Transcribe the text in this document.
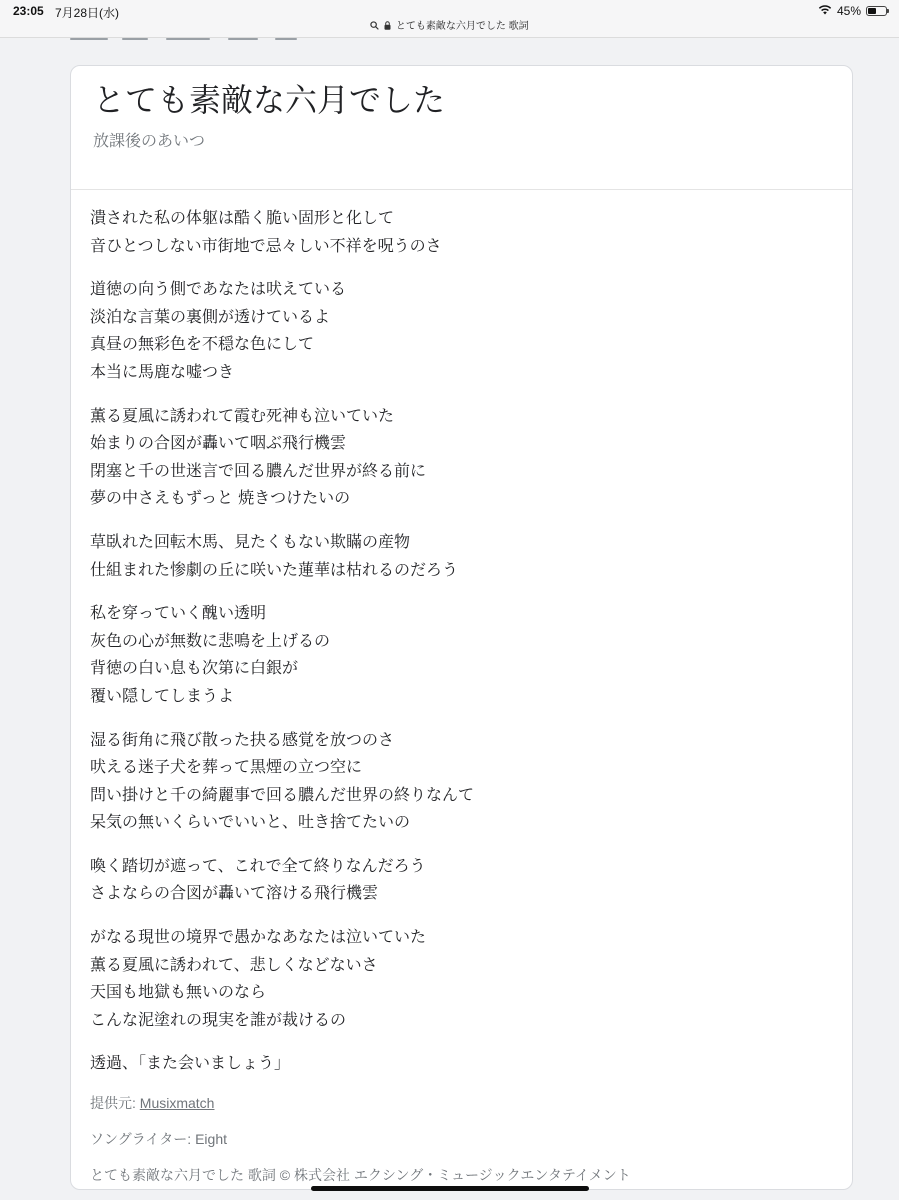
23:05 7月28日(水)
とても素敵な六月でした 歌詞
45%
とても素敵な六月でした
放課後のあいつ
潰された私の体躯は酷く脆い固形と化して
音ひとつしない市街地で忌々しい不祥を呪うのさ
道徳の向う側であなたは吠えている
淡泊な言葉の裏側が透けているよ
真昼の無彩色を不穏な色にして
本当に馬鹿な嘘つき
薫る夏風に誘われて霞む死神も泣いていた
始まりの合図が轟いて咽ぶ飛行機雲
閉塞と千の世迷言で回る膿んだ世界が終る前に
夢の中さえもずっと 焼きつけたいの
草臥れた回転木馬、見たくもない欺瞞の産物
仕組まれた惨劇の丘に咲いた蓮華は枯れるのだろう
私を穿っていく醜い透明
灰色の心が無数に悲鳴を上げるの
背徳の白い息も次第に白銀が
覆い隠してしまうよ
湿る街角に飛び散った抉る感覚を放つのさ
吠える迷子犬を葬って黒煙の立つ空に
問い掛けと千の綺麗事で回る膿んだ世界の終りなんて
呆気の無いくらいでいいと、吐き捨てたいの
喚く踏切が遮って、これで全て終りなんだろう
さよならの合図が轟いて溶ける飛行機雲
がなる現世の境界で愚かなあなたは泣いていた
薫る夏風に誘われて、悲しくなどないさ
天国も地獄も無いのなら
こんな泥塗れの現実を誰が裁けるの
透過、「また会いましょう」
提供元: Musixmatch
ソングライター: Eight
とても素敵な六月でした 歌詞 © 株式会社 エクシング・ミュージックエンタテイメント
